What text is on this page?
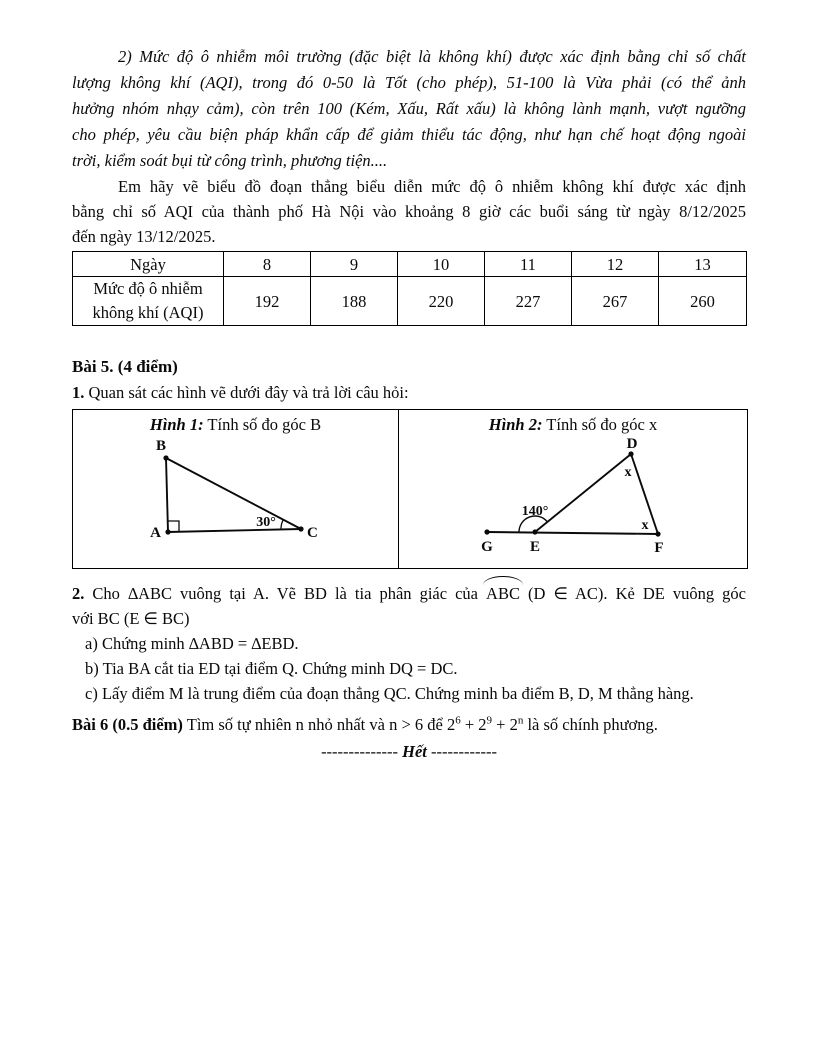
2) Mức độ ô nhiễm môi trường (đặc biệt là không khí) được xác định bằng chỉ số chất
lượng không khí (AQI), trong đó 0-50 là Tốt (cho phép), 51-100 là Vừa phải (có thể ảnh
hưởng nhóm nhạy cảm), còn trên 100 (Kém, Xấu, Rất xấu) là không lành mạnh, vượt ngưỡng
cho phép, yêu cầu biện pháp khẩn cấp để giảm thiểu tác động, như hạn chế hoạt động ngoài
trời, kiểm soát bụi từ công trình, phương tiện....
Em hãy vẽ biểu đồ đoạn thẳng biểu diễn mức độ ô nhiễm không khí được xác định
bằng chỉ số AQI của thành phố Hà Nội vào khoảng 8 giờ các buổi sáng từ ngày 8/12/2025
đến ngày 13/12/2025.
Ngày	8	9	10	11	12	13

Mức độ ô nhiễm
không khí (AQI)	192	188	220	227	267	260
Bài 5. (4 điểm)
1. Quan sát các hình vẽ dưới đây và trả lời câu hỏi:
Hình 1: Tính số đo góc B
B
A	C
30°
Hình 2: Tính số đo góc x
D
G E	F
140°
x
x
2. Cho ∆ABC vuông tại A. Vẽ BD là tia phân giác của ABC (D ∈ AC). Kẻ DE vuông góc
với BC (E ∈ BC)
a) Chứng minh ∆ABD = ∆EBD.
b) Tia BA cắt tia ED tại điểm Q. Chứng minh DQ = DC.
c) Lấy điểm M là trung điểm của đoạn thẳng QC. Chứng minh ba điểm B, D, M thẳng hàng.
Bài 6 (0.5 điểm) Tìm số tự nhiên n nhỏ nhất và n > 6 để $2^6 + 2^9 + 2^n$ là số chính phương.
-------------- Hết ------------
